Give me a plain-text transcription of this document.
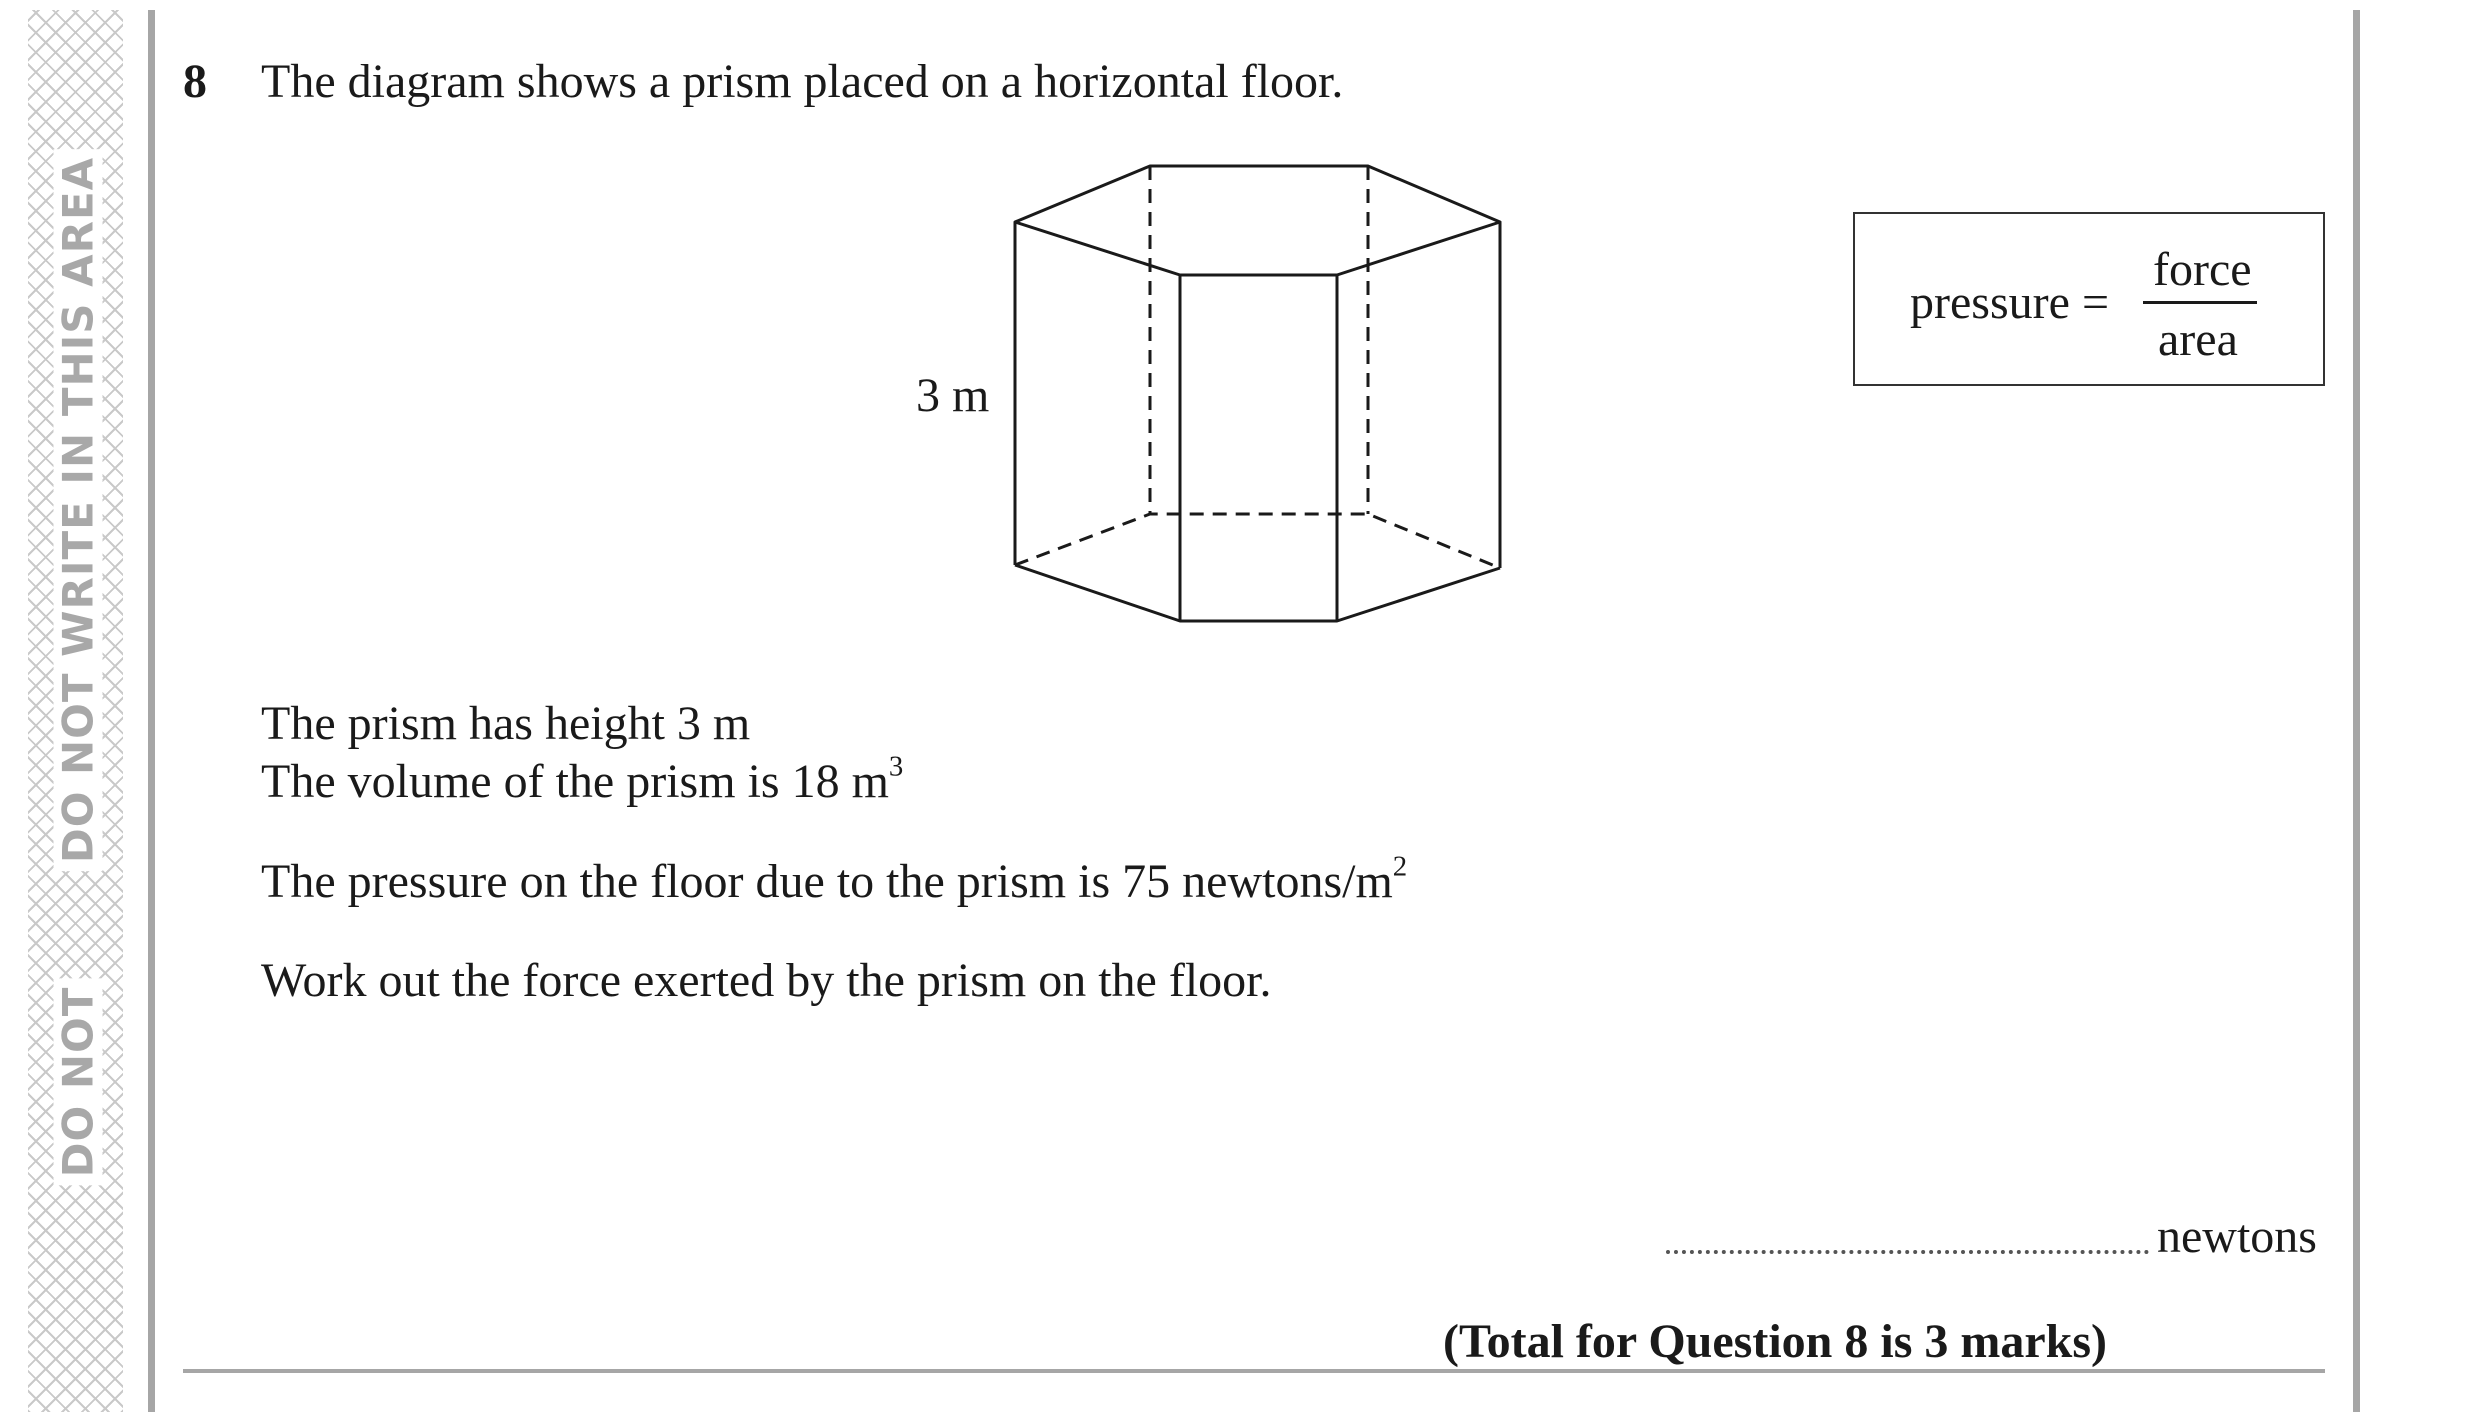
DO NOT WRITE IN THIS AREA
DO NOT
8 The diagram shows a prism placed on a horizontal floor.
3 m
pressure =
force
area
The prism has height 3 m
The volume of the prism is 18 $m^3$
The pressure on the floor due to the prism is 75 newtons/$m^2$
Work out the force exerted by the prism on the floor.
newtons
(Total for Question 8 is 3 marks)
